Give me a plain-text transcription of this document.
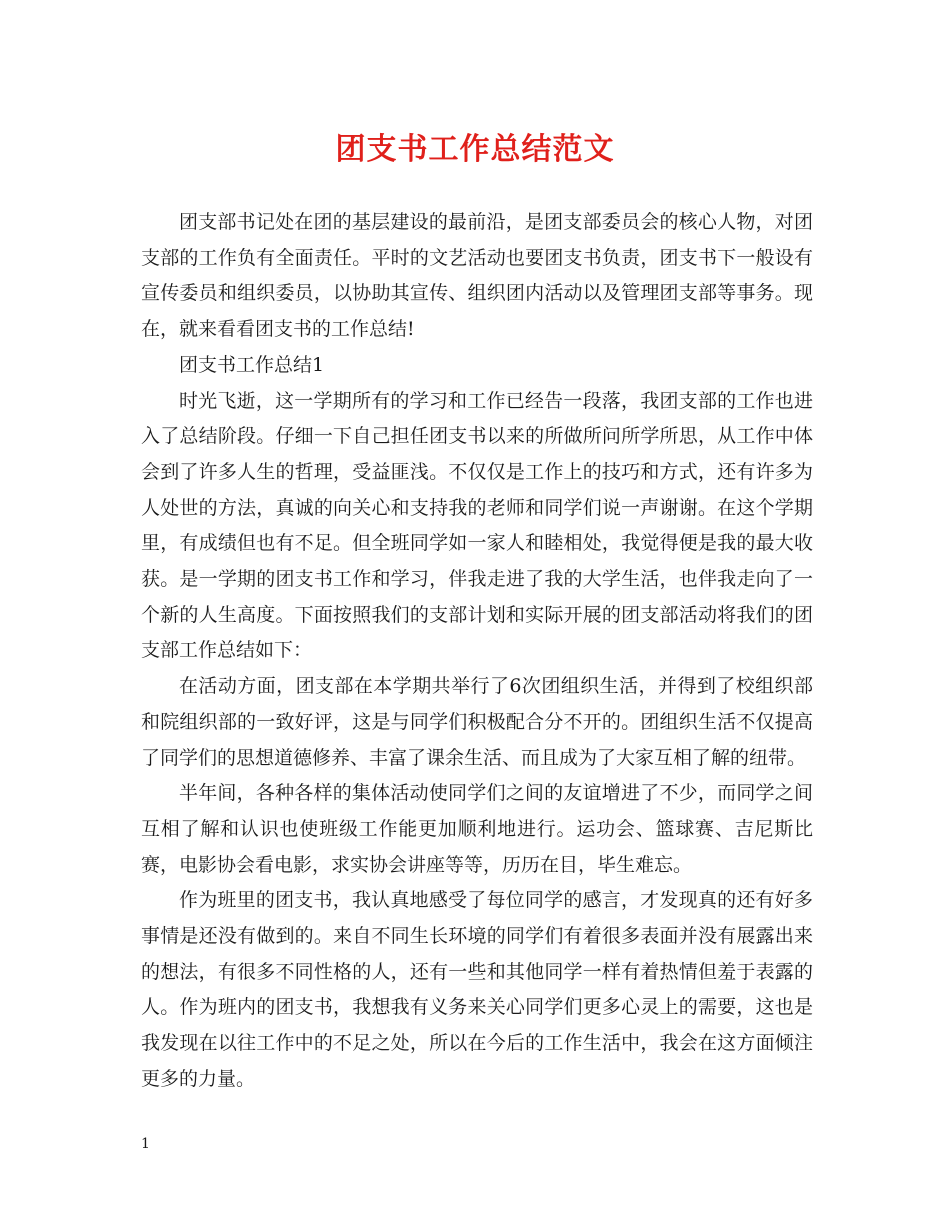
团支书工作总结范文

团支部书记处在团的基层建设的最前沿，是团支部委员会的核心人物，对团支部的工作负有全面责任。平时的文艺活动也要团支书负责，团支书下一般设有宣传委员和组织委员，以协助其宣传、组织团内活动以及管理团支部等事务。现在，就来看看团支书的工作总结!

团支书工作总结1

时光飞逝，这一学期所有的学习和工作已经告一段落，我团支部的工作也进入了总结阶段。仔细一下自己担任团支书以来的所做所问所学所思，从工作中体会到了许多人生的哲理，受益匪浅。不仅仅是工作上的技巧和方式，还有许多为人处世的方法，真诚的向关心和支持我的老师和同学们说一声谢谢。在这个学期里，有成绩但也有不足。但全班同学如一家人和睦相处，我觉得便是我的最大收获。是一学期的团支书工作和学习，伴我走进了我的大学生活，也伴我走向了一个新的人生高度。下面按照我们的支部计划和实际开展的团支部活动将我们的团支部工作总结如下：

在活动方面，团支部在本学期共举行了6次团组织生活，并得到了校组织部和院组织部的一致好评，这是与同学们积极配合分不开的。团组织生活不仅提高了同学们的思想道德修养、丰富了课余生活、而且成为了大家互相了解的纽带。

半年间，各种各样的集体活动使同学们之间的友谊增进了不少，而同学之间互相了解和认识也使班级工作能更加顺利地进行。运功会、篮球赛、吉尼斯比赛，电影协会看电影，求实协会讲座等等，历历在目，毕生难忘。

作为班里的团支书，我认真地感受了每位同学的感言，才发现真的还有好多事情是还没有做到的。来自不同生长环境的同学们有着很多表面并没有展露出来的想法，有很多不同性格的人，还有一些和其他同学一样有着热情但羞于表露的人。作为班内的团支书，我想我有义务来关心同学们更多心灵上的需要，这也是我发现在以往工作中的不足之处，所以在今后的工作生活中，我会在这方面倾注更多的力量。

1
